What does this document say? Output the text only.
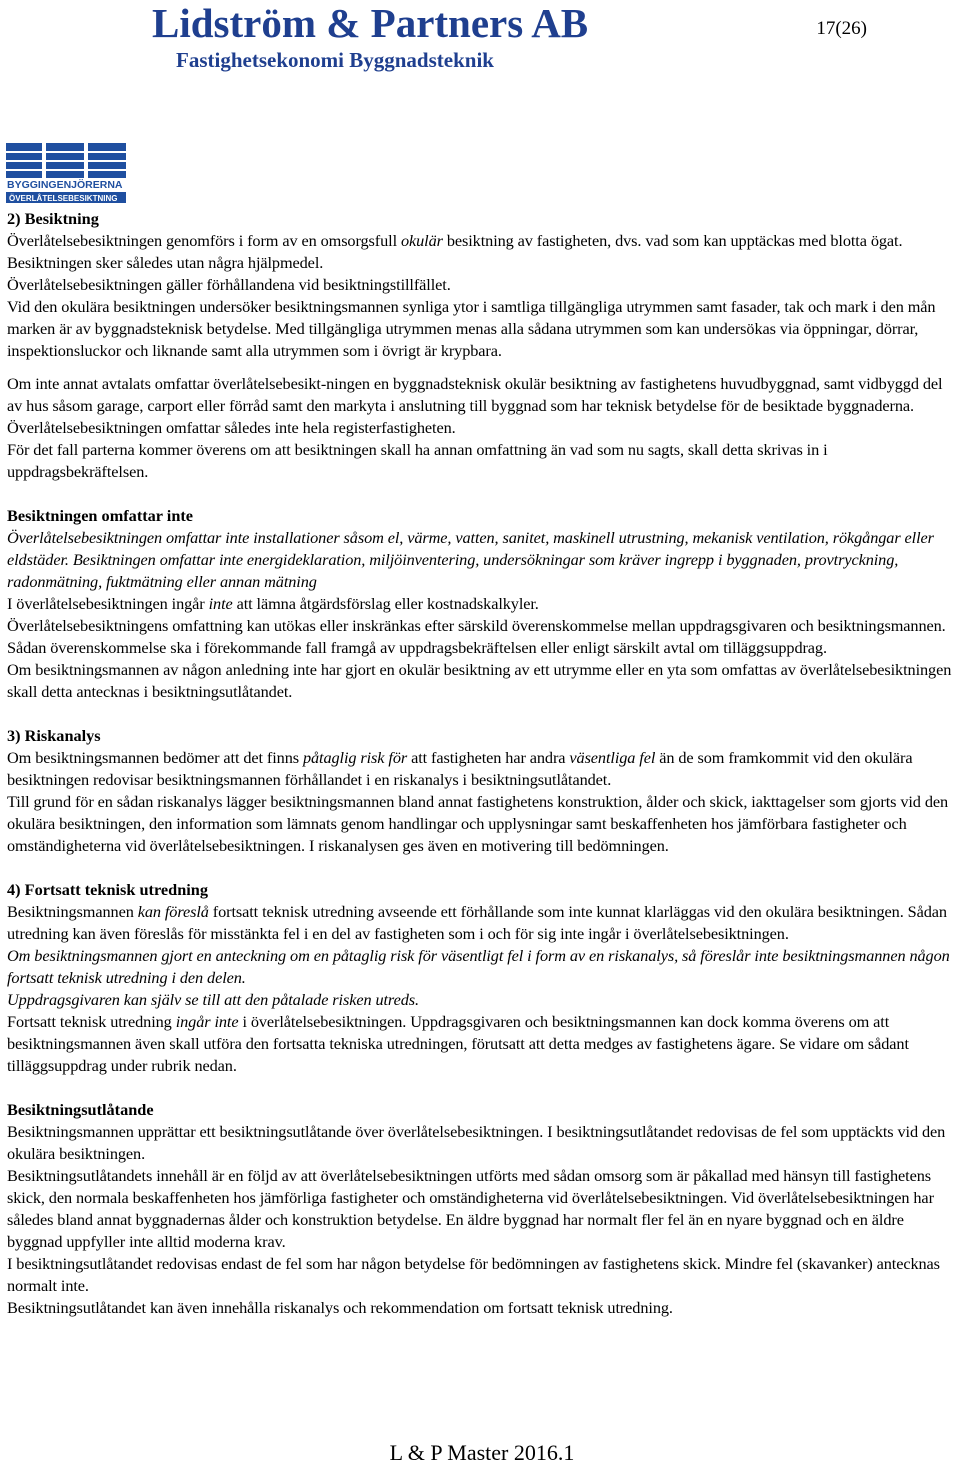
Lidström & Partners AB
Fastighetsekonomi Byggnadsteknik
17(26)
BYGGINGENJÖRERNA
ÖVERLÅTELSEBESIKTNING
2) Besiktning

Överlåtelsebesiktningen genomförs i form av en omsorgsfull okulär besiktning av fastigheten, dvs. vad som kan upptäckas med blotta ögat. Besiktningen sker således utan några hjälpmedel.

Överlåtelsebesiktningen gäller förhållandena vid besiktningstillfället.

Vid den okulära besiktningen undersöker besiktningsmannen synliga ytor i samtliga tillgängliga utrymmen samt fasader, tak och mark i den mån marken är av byggnadsteknisk betydelse. Med tillgängliga utrymmen menas alla sådana utrymmen som kan undersökas via öppningar, dörrar, inspektionsluckor och liknande samt alla utrymmen som i övrigt är krypbara.

Om inte annat avtalats omfattar överlåtelsebesikt-ningen en byggnadsteknisk okulär besiktning av fastighetens huvudbyggnad, samt vidbyggd del av hus såsom garage, carport eller förråd samt den markyta i anslutning till byggnad som har teknisk betydelse för de besiktade byggnaderna. Överlåtelsebesiktningen omfattar således inte hela registerfastigheten.

För det fall parterna kommer överens om att besiktningen skall ha annan omfattning än vad som nu sagts, skall detta skrivas in i uppdragsbekräftelsen.

Besiktningen omfattar inte

Överlåtelsebesiktningen omfattar inte installationer såsom el, värme, vatten, sanitet, maskinell utrustning, mekanisk ventilation, rökgångar eller eldstäder. Besiktningen omfattar inte energideklaration, miljöinventering, undersökningar som kräver ingrepp i byggnaden, provtryckning, radonmätning, fuktmätning eller annan mätning

I överlåtelsebesiktningen ingår inte att lämna åtgärdsförslag eller kostnadskalkyler.

Överlåtelsebesiktningens omfattning kan utökas eller inskränkas efter särskild överenskommelse mellan uppdragsgivaren och besiktningsmannen. Sådan överenskommelse ska i förekommande fall framgå av uppdragsbekräftelsen eller enligt särskilt avtal om tilläggsuppdrag.

Om besiktningsmannen av någon anledning inte har gjort en okulär besiktning av ett utrymme eller en yta som omfattas av överlåtelsebesiktningen skall detta antecknas i besiktningsutlåtandet.

3) Riskanalys

Om besiktningsmannen bedömer att det finns påtaglig risk för att fastigheten har andra väsentliga fel än de som framkommit vid den okulära besiktningen redovisar besiktningsmannen förhållandet i en riskanalys i besiktningsutlåtandet.

Till grund för en sådan riskanalys lägger besiktningsmannen bland annat fastighetens konstruktion, ålder och skick, iakttagelser som gjorts vid den okulära besiktningen, den information som lämnats genom handlingar och upplysningar samt beskaffenheten hos jämförbara fastigheter och omständigheterna vid överlåtelsebesiktningen. I riskanalysen ges även en motivering till bedömningen.

4) Fortsatt teknisk utredning

Besiktningsmannen kan föreslå fortsatt teknisk utredning avseende ett förhållande som inte kunnat klarläggas vid den okulära besiktningen. Sådan utredning kan även föreslås för misstänkta fel i en del av fastigheten som i och för sig inte ingår i överlåtelsebesiktningen.

Om besiktningsmannen gjort en anteckning om en påtaglig risk för väsentligt fel i form av en riskanalys, så föreslår inte besiktningsmannen någon fortsatt teknisk utredning i den delen.

Uppdragsgivaren kan själv se till att den påtalade risken utreds.

Fortsatt teknisk utredning ingår inte i överlåtelsebesiktningen. Uppdragsgivaren och besiktningsmannen kan dock komma överens om att besiktningsmannen även skall utföra den fortsatta tekniska utredningen, förutsatt att detta medges av fastighetens ägare. Se vidare om sådant tilläggsuppdrag under rubrik nedan.

Besiktningsutlåtande

Besiktningsmannen upprättar ett besiktningsutlåtande över överlåtelsebesiktningen. I besiktningsutlåtandet redovisas de fel som upptäckts vid den okulära besiktningen.

Besiktningsutlåtandets innehåll är en följd av att överlåtelsebesiktningen utförts med sådan omsorg som är påkallad med hänsyn till fastighetens skick, den normala beskaffenheten hos jämförliga fastigheter och omständigheterna vid överlåtelsebesiktningen. Vid överlåtelsebesiktningen har således bland annat byggnadernas ålder och konstruktion betydelse. En äldre byggnad har normalt fler fel än en nyare byggnad och en äldre byggnad uppfyller inte alltid moderna krav.

I besiktningsutlåtandet redovisas endast de fel som har någon betydelse för bedömningen av fastighetens skick. Mindre fel (skavanker) antecknas normalt inte.

Besiktningsutlåtandet kan även innehålla riskanalys och rekommendation om fortsatt teknisk utredning.

L & P Master 2016.1
